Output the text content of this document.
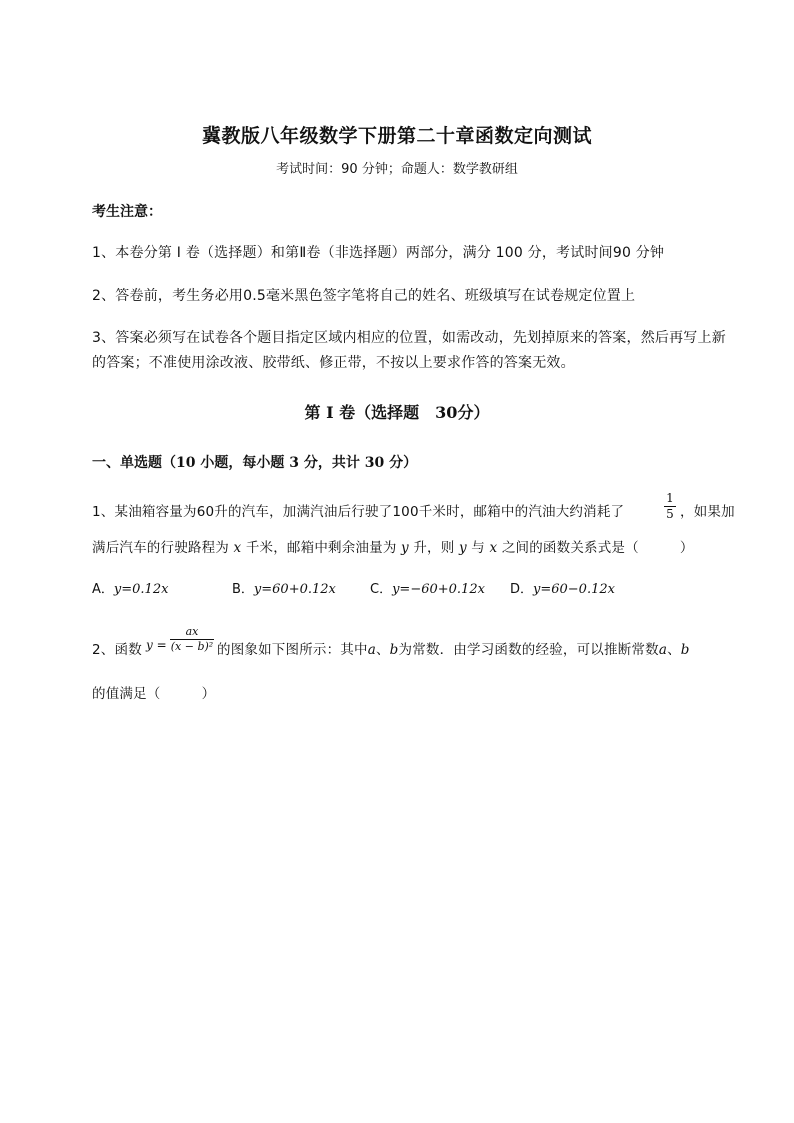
冀教版八年级数学下册第二十章函数定向测试
考试时间：90 分钟；命题人：数学教研组
考生注意：
1、本卷分第 I 卷（选择题）和第Ⅱ卷（非选择题）两部分，满分 100 分，考试时间90 分钟
2、答卷前，考生务必用0.5毫米黑色签字笔将自己的姓名、班级填写在试卷规定位置上
3、答案必须写在试卷各个题目指定区域内相应的位置，如需改动，先划掉原来的答案，然后再写上新
的答案；不准使用涂改液、胶带纸、修正带，不按以上要求作答的答案无效。
第 I 卷（选择题　30分）
一、单选题（10 小题，每小题 3 分，共计 30 分）
1、某油箱容量为60升的汽车，加满汽油后行驶了100千米时，邮箱中的汽油大约消耗了
1
5 ，如果加
满后汽车的行驶路程为 x 千米，邮箱中剩余油量为 y 升，则 y 与 x 之间的函数关系式是（　　　）
A．y=0.12x	B．y=60+0.12x	C．y=−60+0.12x D．y=60−0.12x
2、函数 y =
ax
(x − b)² 的图象如下图所示：其中a、b为常数．由学习函数的经验，可以推断常数a、b
的值满足（　　　）
